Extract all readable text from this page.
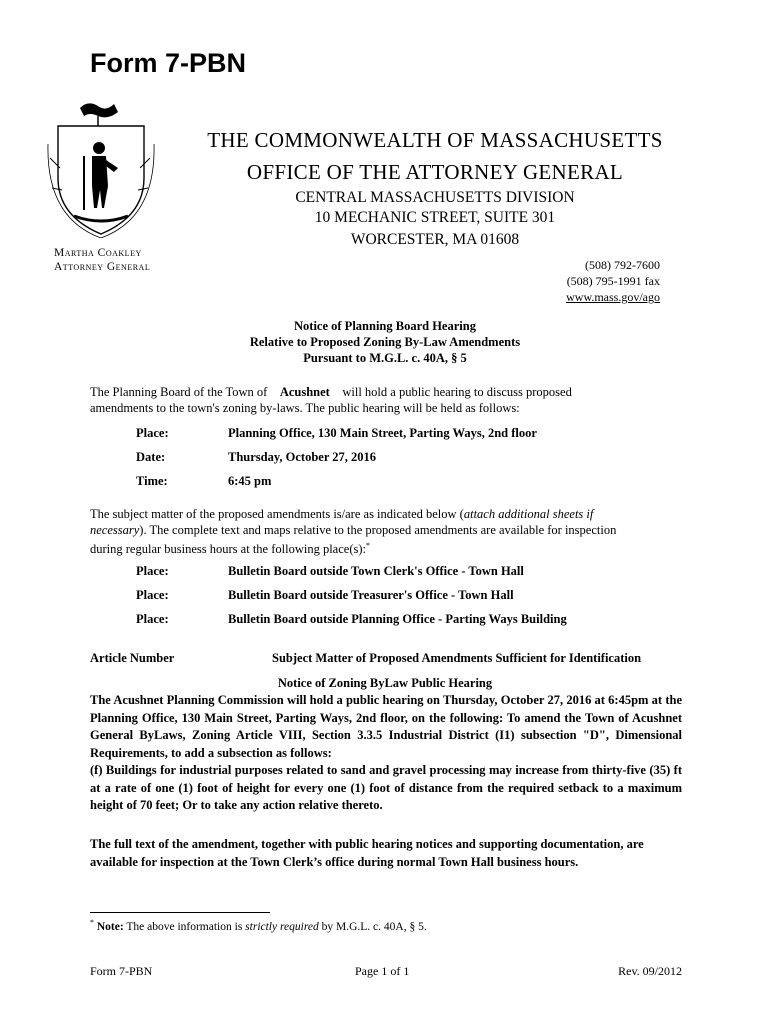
Form 7-PBN
Martha Coakley
Attorney General
THE COMMONWEALTH OF MASSACHUSETTS
OFFICE OF THE ATTORNEY GENERAL
CENTRAL MASSACHUSETTS DIVISION
10 MECHANIC STREET, SUITE 301
WORCESTER, MA 01608
(508) 792-7600
(508) 795-1991 fax
www.mass.gov/ago
Notice of Planning Board Hearing
Relative to Proposed Zoning By-Law Amendments
Pursuant to M.G.L. c. 40A, § 5
The Planning Board of the Town of Acushnet will hold a public hearing to discuss proposed
amendments to the town's zoning by-laws. The public hearing will be held as follows:
Place:	Planning Office, 130 Main Street, Parting Ways, 2nd floor
Date:	Thursday, October 27, 2016
Time:	6:45 pm
The subject matter of the proposed amendments is/are as indicated below (attach additional sheets if
necessary). The complete text and maps relative to the proposed amendments are available for inspection
during regular business hours at the following place(s):*
Place:	Bulletin Board outside Town Clerk's Office - Town Hall
Place:	Bulletin Board outside Treasurer's Office - Town Hall
Place:	Bulletin Board outside Planning Office - Parting Ways Building
Article Number	Subject Matter of Proposed Amendments Sufficient for Identification
Notice of Zoning ByLaw Public Hearing
The Acushnet Planning Commission will hold a public hearing on Thursday, October 27, 2016 at 6:45pm at the Planning Office, 130 Main Street, Parting Ways, 2nd floor, on the following: To amend the Town of Acushnet General ByLaws, Zoning Article VIII, Section 3.3.5 Industrial District (I1) subsection "D", Dimensional Requirements, to add a subsection as follows:
(f) Buildings for industrial purposes related to sand and gravel processing may increase from thirty-five (35) ft at a rate of one (1) foot of height for every one (1) foot of distance from the required setback to a maximum height of 70 feet; Or to take any action relative thereto.
The full text of the amendment, together with public hearing notices and supporting documentation, are available for inspection at the Town Clerk’s office during normal Town Hall business hours.
* Note: The above information is strictly required by M.G.L. c. 40A, § 5.
Form 7-PBN	Page 1 of 1	Rev. 09/2012
